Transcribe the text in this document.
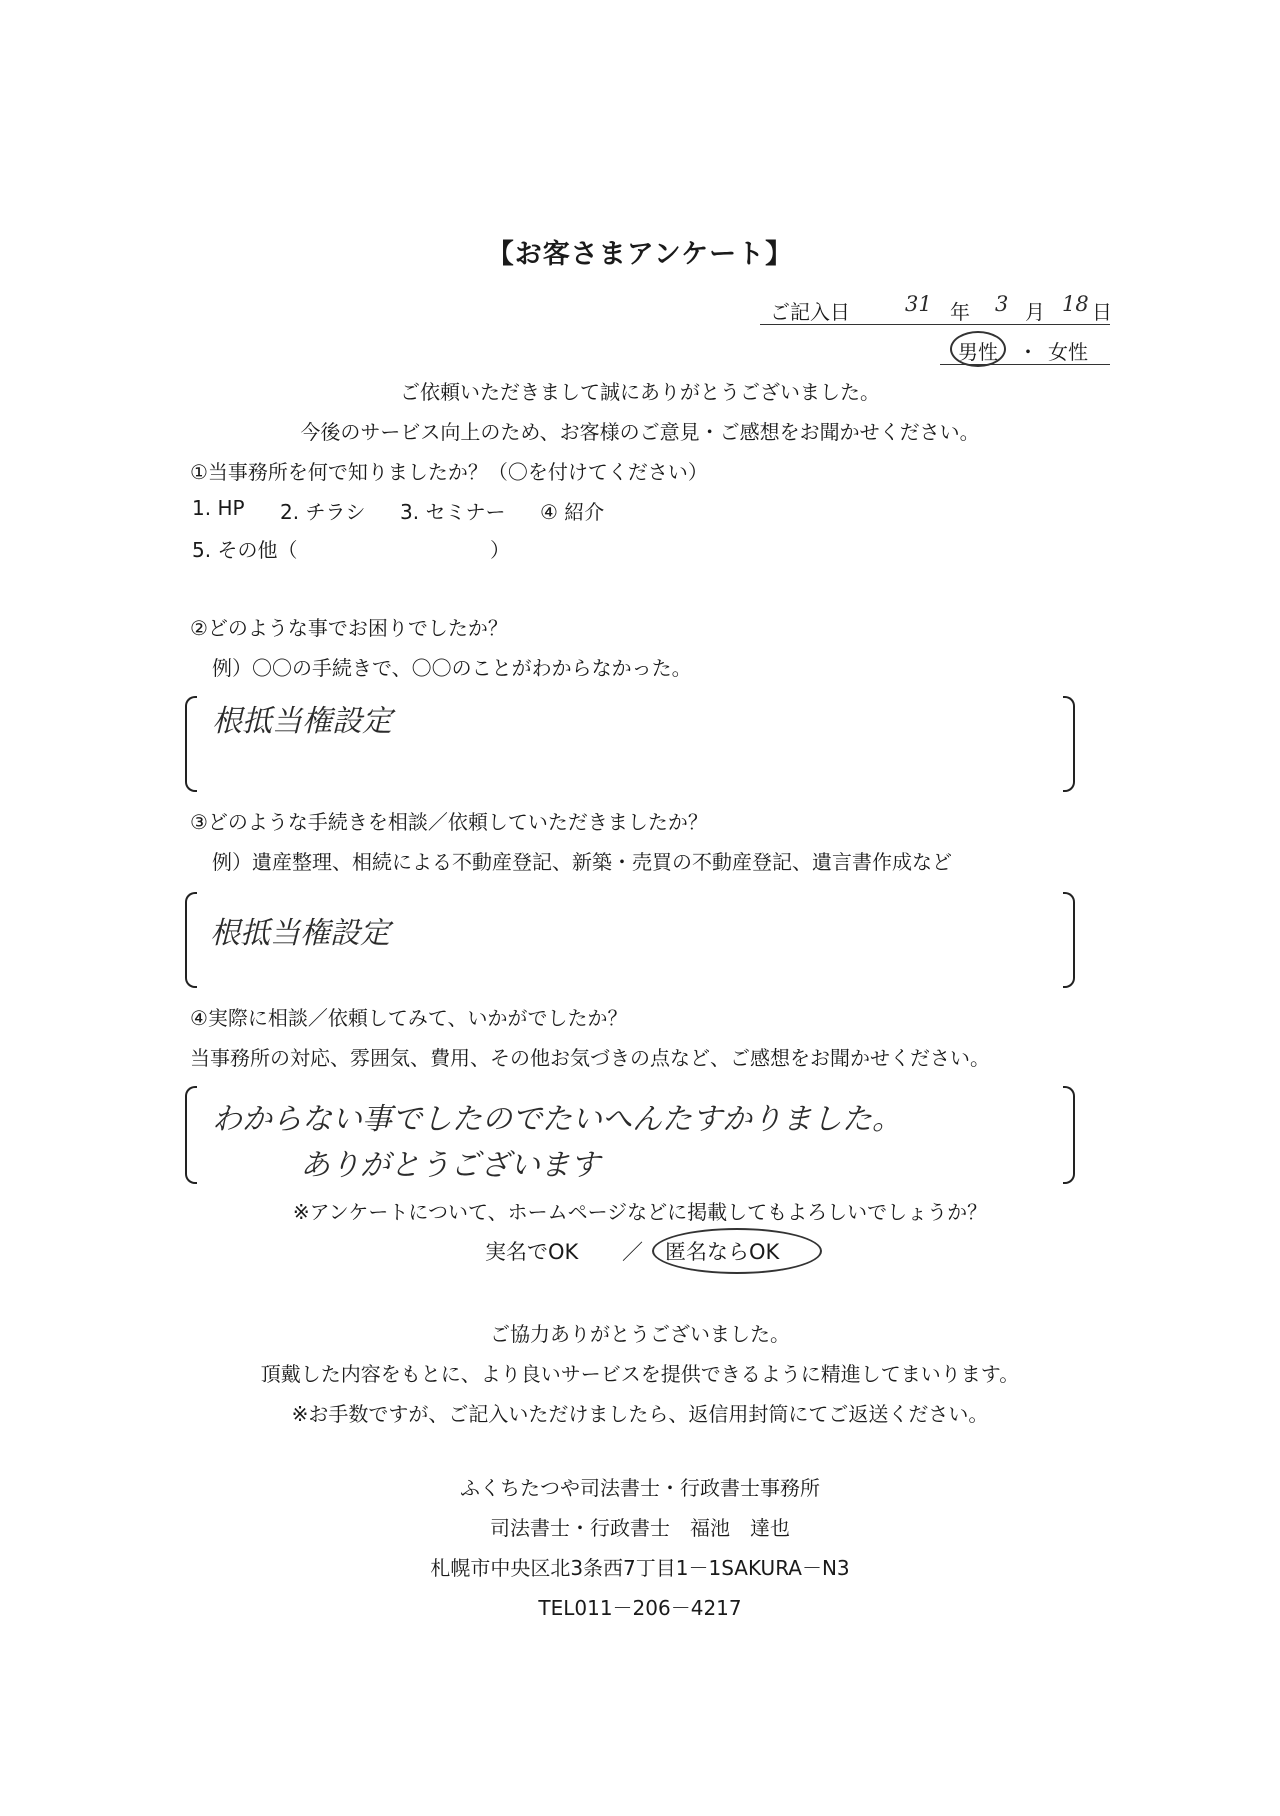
【お客さまアンケート】
ご記入日	31 年 3 月 18 日
男性 ・ 女性
ご依頼いただきまして誠にありがとうございました。
今後のサービス向上のため、お客様のご意見・ご感想をお聞かせください。
①当事務所を何で知りましたか？（〇を付けてください）
1. HP 2. チラシ 3. セミナー ④ 紹介
5. その他（	）
②どのような事でお困りでしたか？
例）〇〇の手続きで、〇〇のことがわからなかった。
根抵当権設定
③どのような手続きを相談／依頼していただきましたか？
例）遺産整理、相続による不動産登記、新築・売買の不動産登記、遺言書作成など
根抵当権設定
④実際に相談／依頼してみて、いかがでしたか？
当事務所の対応、雰囲気、費用、その他お気づきの点など、ご感想をお聞かせください。
わからない事でしたのでたいへんたすかりました。
ありがとうございます
※アンケートについて、ホームページなどに掲載してもよろしいでしょうか？
実名でOK ／ 匿名ならOK
ご協力ありがとうございました。
頂戴した内容をもとに、より良いサービスを提供できるように精進してまいります。
※お手数ですが、ご記入いただけましたら、返信用封筒にてご返送ください。
ふくちたつや司法書士・行政書士事務所
司法書士・行政書士　福池　達也
札幌市中央区北3条西7丁目1－1SAKURA－N3
TEL011－206－4217
